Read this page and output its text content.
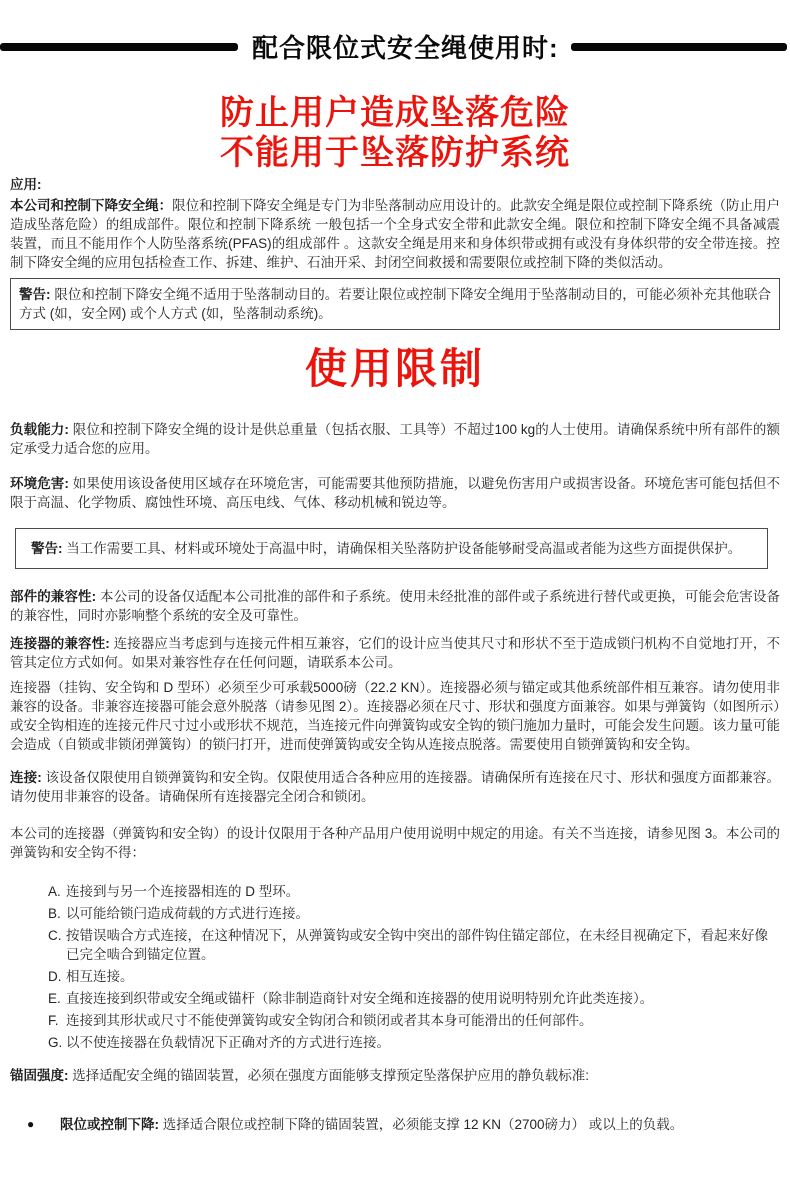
配合限位式安全绳使用时:
防止用户造成坠落危险
不能用于坠落防护系统
应用:

本公司和控制下降安全绳：限位和控制下降安全绳是专门为非坠落制动应用设计的。此款安全绳是限位或控制下降系统（防止用户造成坠落危险）的组成部件。限位和控制下降系统 一般包括一个全身式安全带和此款安全绳。限位和控制下降安全绳不具备减震装置，而且不能用作个人防坠落系统(PFAS)的组成部件 。这款安全绳是用来和身体织带或拥有或没有身体织带的安全带连接。控制下降安全绳的应用包括检查工作、拆建、维护、石油开采、封闭空间救援和需要限位或控制下降的类似活动。

警告: 限位和控制下降安全绳不适用于坠落制动目的。若要让限位或控制下降安全绳用于坠落制动目的，可能必须补充其他联合方式 (如，安全网) 或个人方式 (如，坠落制动系统)。

使用限制

负载能力: 限位和控制下降安全绳的设计是供总重量（包括衣服、工具等）不超过100 kg的人士使用。请确保系统中所有部件的额定承受力适合您的应用。

环境危害: 如果使用该设备使用区域存在环境危害，可能需要其他预防措施，以避免伤害用户或损害设备。环境危害可能包括但不限于高温、化学物质、腐蚀性环境、高压电线、气体、移动机械和锐边等。

警告: 当工作需要工具、材料或环境处于高温中时，请确保相关坠落防护设备能够耐受高温或者能为这些方面提供保护。

部件的兼容性: 本公司的设备仅适配本公司批准的部件和子系统。使用未经批准的部件或子系统进行替代或更换，可能会危害设备的兼容性，同时亦影响整个系统的安全及可靠性。

连接器的兼容性: 连接器应当考虑到与连接元件相互兼容，它们的设计应当使其尺寸和形状不至于造成锁闩机构不自觉地打开，不管其定位方式如何。如果对兼容性存在任何问题，请联系本公司。

连接器（挂钩、安全钩和 D 型环）必须至少可承载5000磅（22.2 KN）。连接器必须与锚定或其他系统部件相互兼容。请勿使用非兼容的设备。非兼容连接器可能会意外脱落（请参见图 2）。连接器必须在尺寸、形状和强度方面兼容。如果与弹簧钩（如图所示）或安全钩相连的连接元件尺寸过小或形状不规范，当连接元件向弹簧钩或安全钩的锁闩施加力量时，可能会发生问题。该力量可能会造成（自锁或非锁闭弹簧钩）的锁闩打开，进而使弹簧钩或安全钩从连接点脱落。需要使用自锁弹簧钩和安全钩。

连接: 该设备仅限使用自锁弹簧钩和安全钩。仅限使用适合各种应用的连接器。请确保所有连接在尺寸、形状和强度方面都兼容。请勿使用非兼容的设备。请确保所有连接器完全闭合和锁闭。

本公司的连接器（弹簧钩和安全钩）的设计仅限用于各种产品用户使用说明中规定的用途。有关不当连接，请参见图 3。本公司的弹簧钩和安全钩不得：

A. 连接到与另一个连接器相连的 D 型环。
B. 以可能给锁闩造成荷载的方式进行连接。
C. 按错误啮合方式连接，在这种情况下，从弹簧钩或安全钩中突出的部件钩住锚定部位，在未经目视确定下，看起来好像已完全啮合到锚定位置。
D. 相互连接。
E. 直接连接到织带或安全绳或锚杆（除非制造商针对安全绳和连接器的使用说明特别允许此类连接）。
F. 连接到其形状或尺寸不能使弹簧钩或安全钩闭合和锁闭或者其本身可能滑出的任何部件。
G. 以不使连接器在负载情况下正确对齐的方式进行连接。

锚固强度: 选择适配安全绳的锚固装置，必须在强度方面能够支撑预定坠落保护应用的静负载标准:

●	限位或控制下降: 选择适合限位或控制下降的锚固装置，必须能支撑 12 KN（2700磅力） 或以上的负载。
